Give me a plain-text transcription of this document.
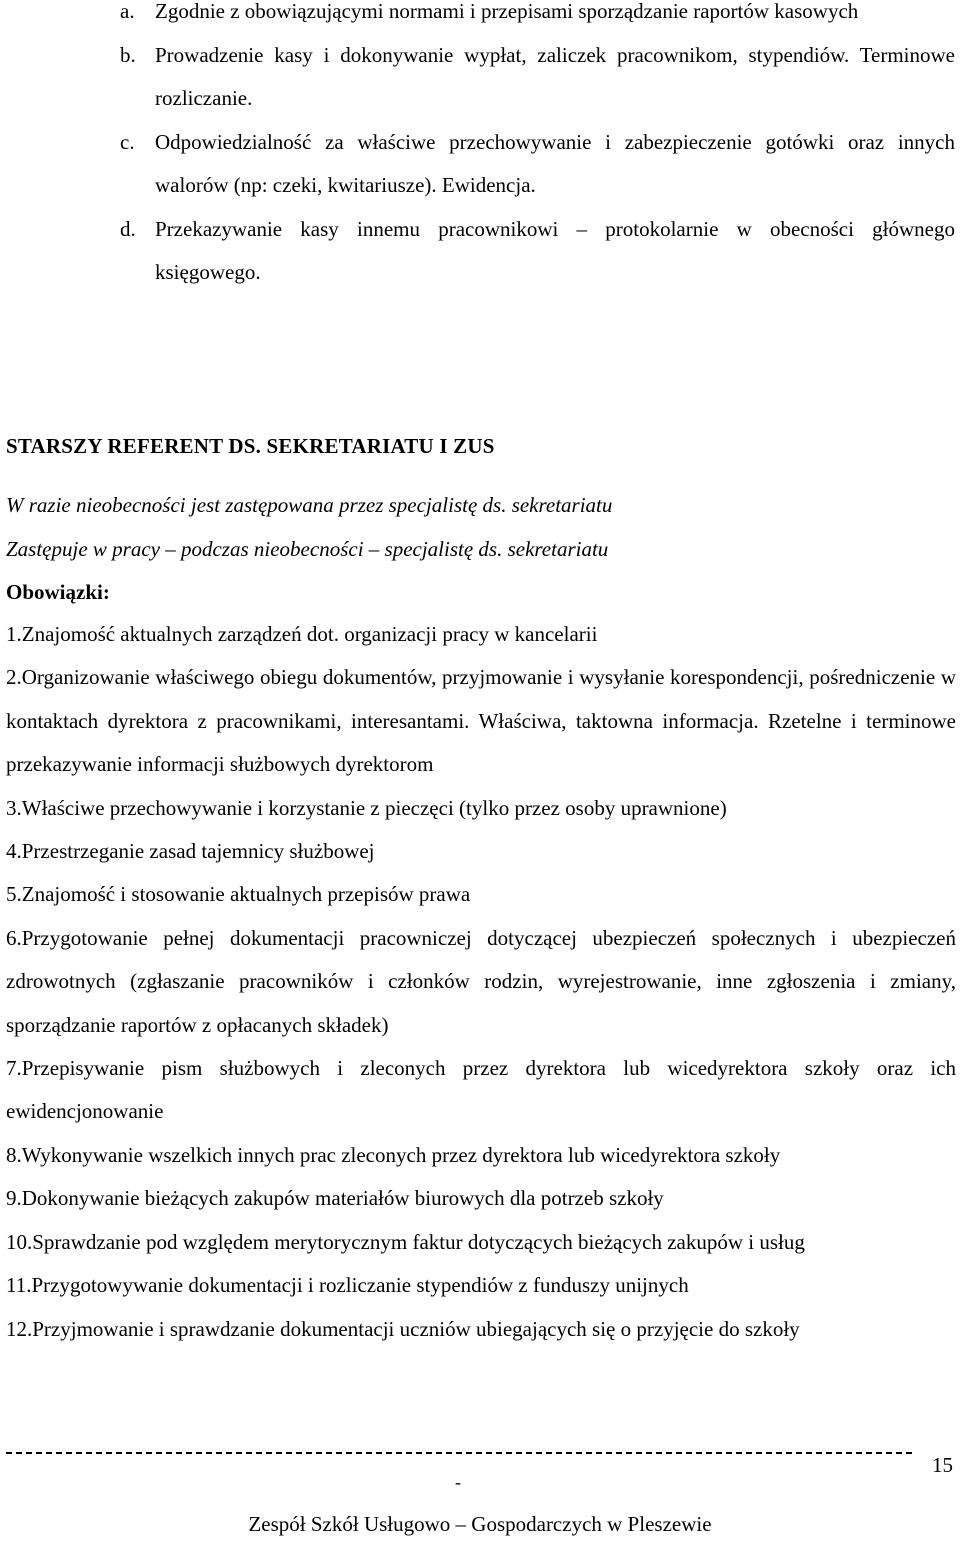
a. Zgodnie z obowiązującymi normami i przepisami sporządzanie raportów kasowych
b. Prowadzenie kasy i dokonywanie wypłat, zaliczek pracownikom, stypendiów. Terminowe rozliczanie.
c. Odpowiedzialność za właściwe przechowywanie i zabezpieczenie gotówki oraz innych walorów (np: czeki, kwitariusze). Ewidencja.
d. Przekazywanie kasy innemu pracownikowi – protokolarnie w obecności głównego księgowego.
STARSZY REFERENT DS. SEKRETARIATU I ZUS
W razie nieobecności jest zastępowana przez specjalistę ds. sekretariatu
Zastępuje w pracy – podczas nieobecności – specjalistę ds. sekretariatu
Obowiązki:
1.Znajomość aktualnych zarządzeń dot. organizacji pracy w kancelarii
2.Organizowanie właściwego obiegu dokumentów, przyjmowanie i wysyłanie korespondencji, pośredniczenie w kontaktach dyrektora z pracownikami, interesantami. Właściwa, taktowna informacja. Rzetelne i terminowe przekazywanie informacji służbowych dyrektorom
3.Właściwe przechowywanie i korzystanie z pieczęci (tylko przez osoby uprawnione)
4.Przestrzeganie zasad tajemnicy służbowej
5.Znajomość i stosowanie aktualnych przepisów prawa
6.Przygotowanie pełnej dokumentacji pracowniczej dotyczącej ubezpieczeń społecznych i ubezpieczeń zdrowotnych (zgłaszanie pracowników i członków rodzin, wyrejestrowanie, inne zgłoszenia i zmiany, sporządzanie raportów z opłacanych składek)
7.Przepisywanie pism służbowych i zleconych przez dyrektora lub wicedyrektora szkoły oraz ich ewidencjonowanie
8.Wykonywanie wszelkich innych prac zleconych przez dyrektora lub wicedyrektora szkoły
9.Dokonywanie bieżących zakupów materiałów biurowych dla potrzeb szkoły
10.Sprawdzanie pod względem merytorycznym faktur dotyczących bieżących zakupów i usług
11.Przygotowywanie dokumentacji i rozliczanie stypendiów z funduszy unijnych
12.Przyjmowanie i sprawdzanie dokumentacji uczniów ubiegających się o przyjęcie do szkoły
15
-
Zespół Szkół Usługowo – Gospodarczych w Pleszewie
